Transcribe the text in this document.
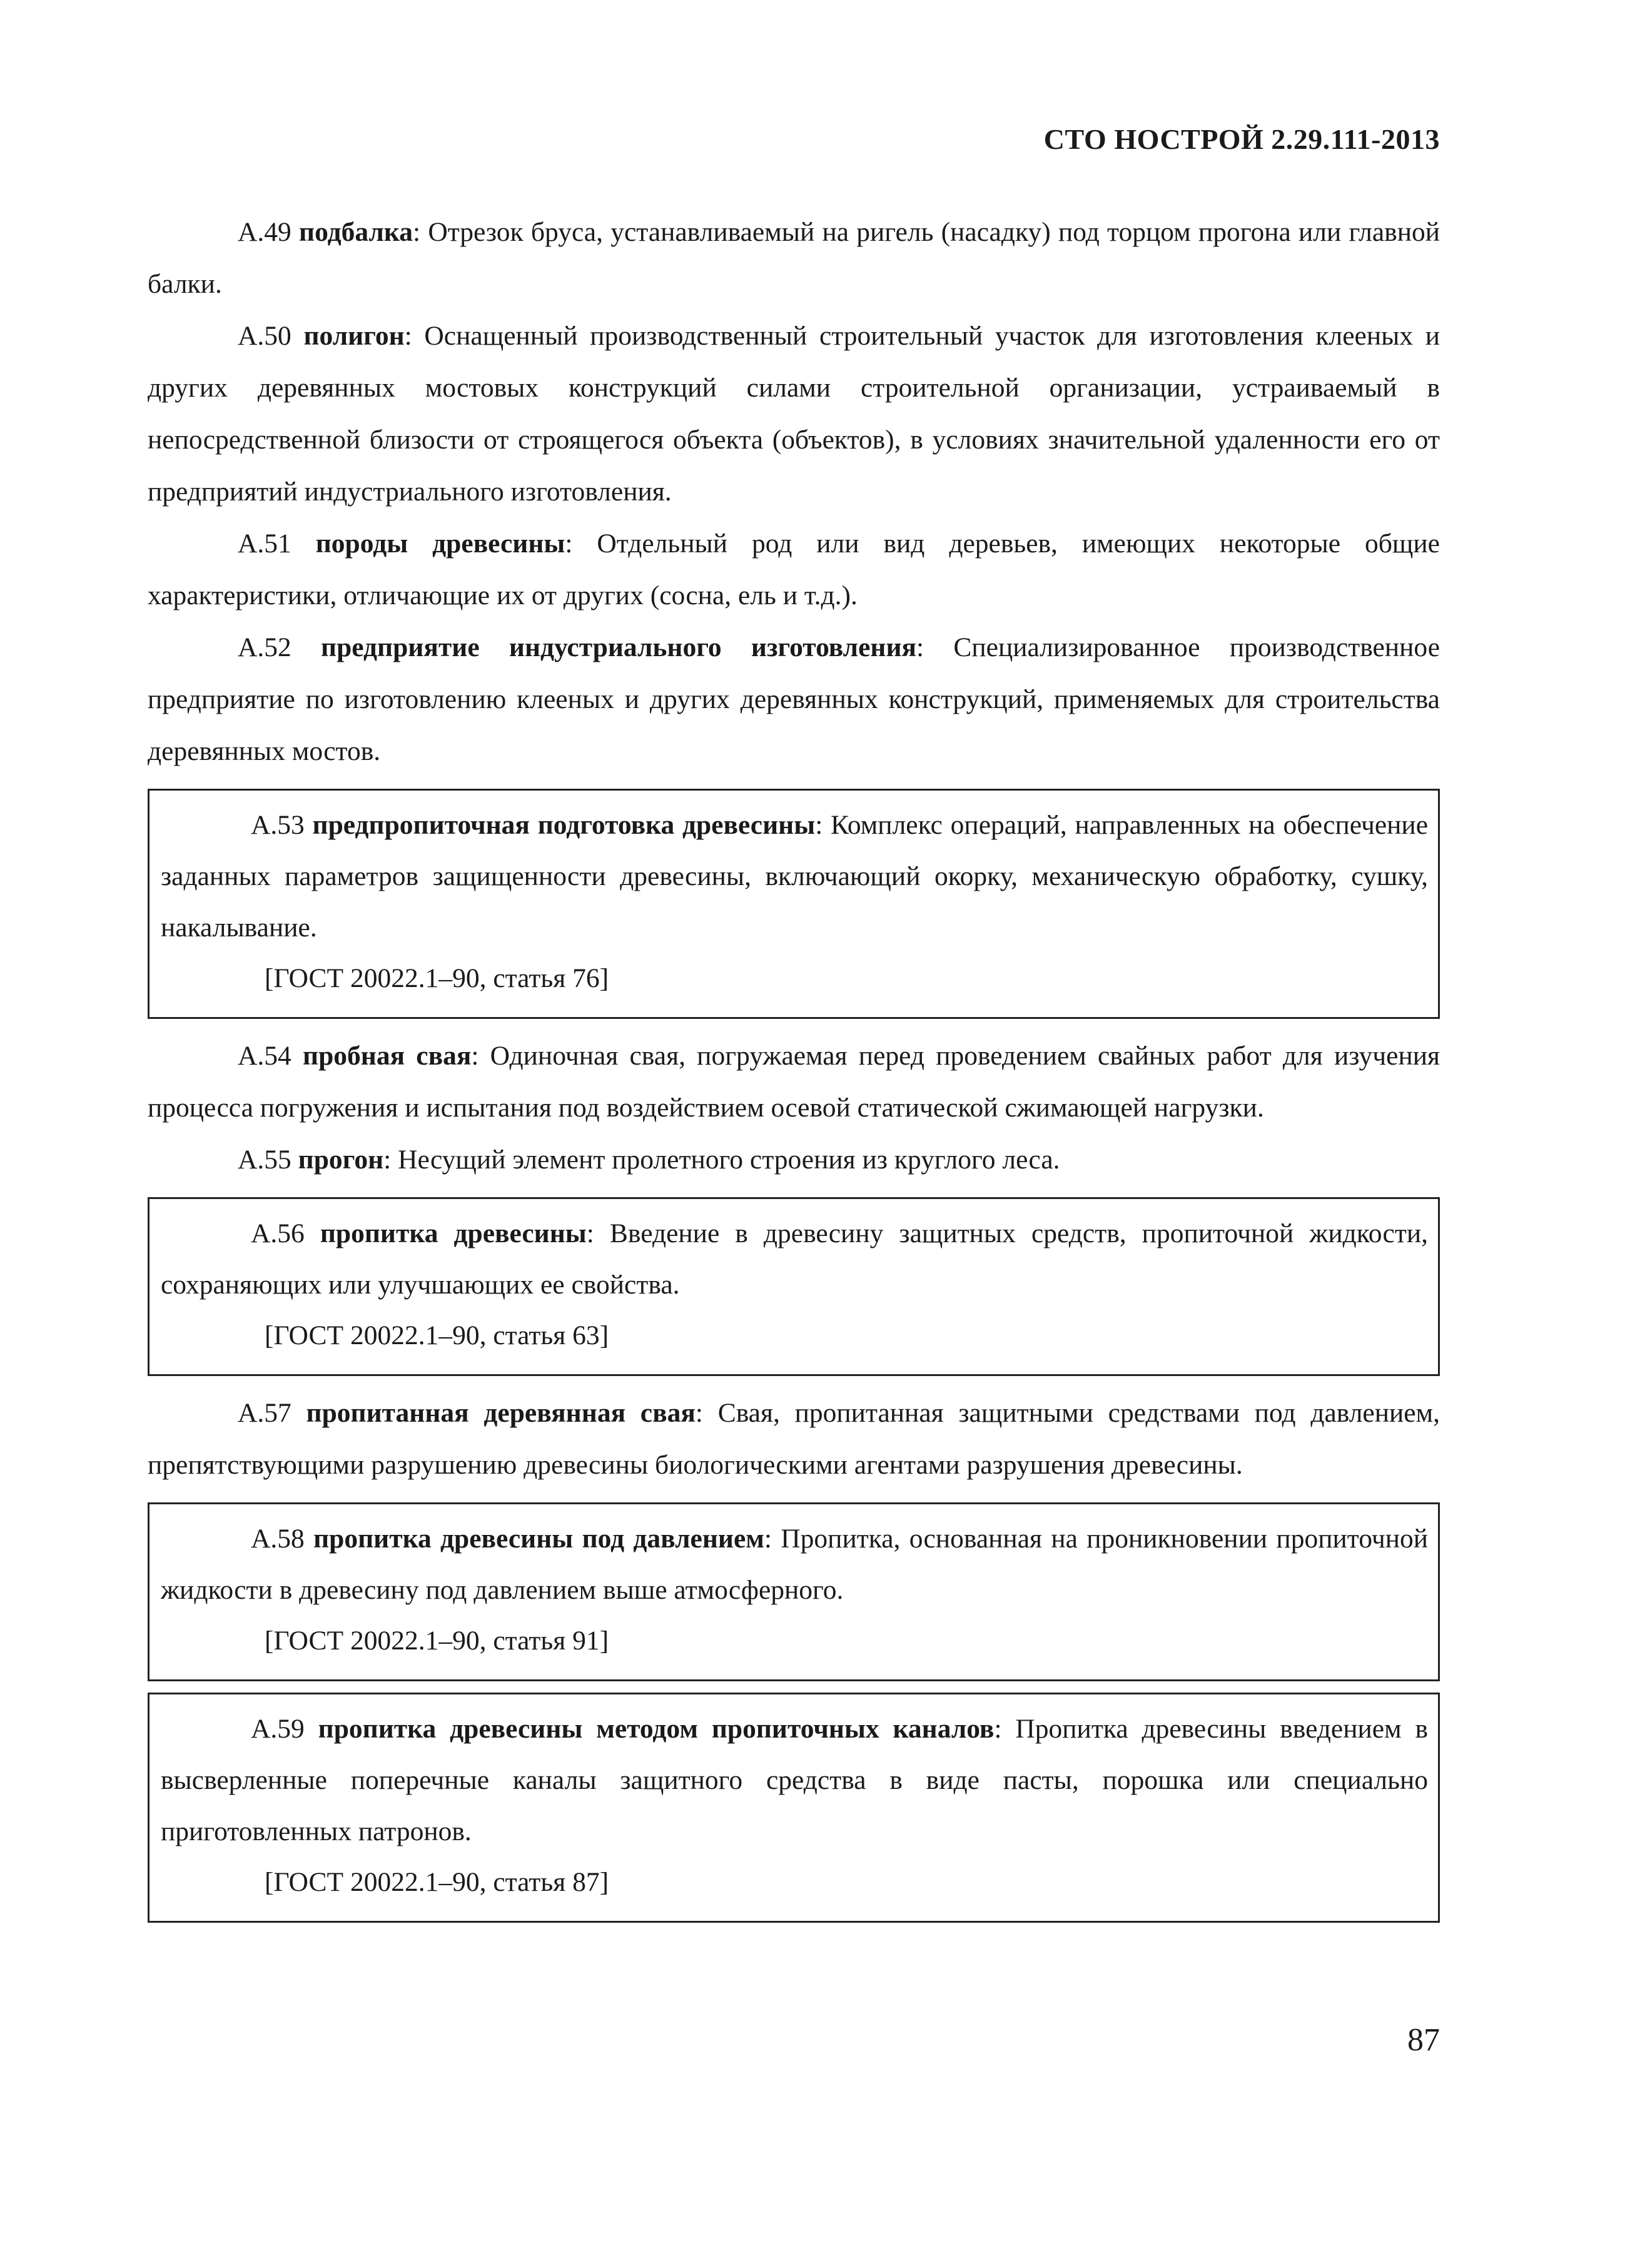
СТО НОСТРОЙ 2.29.111-2013

А.49 подбалка: Отрезок бруса, устанавливаемый на ригель (насадку) под торцом прогона или главной балки.

А.50 полигон: Оснащенный производственный строительный участок для изготовления клееных и других деревянных мостовых конструкций силами строительной организации, устраиваемый в непосредственной близости от строящегося объекта (объектов), в условиях значительной удаленности его от предприятий индустриального изготовления.

А.51 породы древесины: Отдельный род или вид деревьев, имеющих некоторые общие характеристики, отличающие их от других (сосна, ель и т.д.).

А.52 предприятие индустриального изготовления: Специализированное производственное предприятие по изготовлению клееных и других деревянных конструкций, применяемых для строительства деревянных мостов.

А.53 предпропиточная подготовка древесины: Комплекс операций, направленных на обеспечение заданных параметров защищенности древесины, включающий окорку, механическую обработку, сушку, накалывание.

[ГОСТ 20022.1–90, статья 76]

А.54 пробная свая: Одиночная свая, погружаемая перед проведением свайных работ для изучения процесса погружения и испытания под воздействием осевой статической сжимающей нагрузки.

А.55 прогон: Несущий элемент пролетного строения из круглого леса.

А.56 пропитка древесины: Введение в древесину защитных средств, пропиточной жидкости, сохраняющих или улучшающих ее свойства.

[ГОСТ 20022.1–90, статья 63]

А.57 пропитанная деревянная свая: Свая, пропитанная защитными средствами под давлением, препятствующими разрушению древесины биологическими агентами разрушения древесины.

А.58 пропитка древесины под давлением: Пропитка, основанная на проникновении пропиточной жидкости в древесину под давлением выше атмосферного.

[ГОСТ 20022.1–90, статья 91]

А.59 пропитка древесины методом пропиточных каналов: Пропитка древесины введением в высверленные поперечные каналы защитного средства в виде пасты, порошка или специально приготовленных патронов.

[ГОСТ 20022.1–90, статья 87]

87
